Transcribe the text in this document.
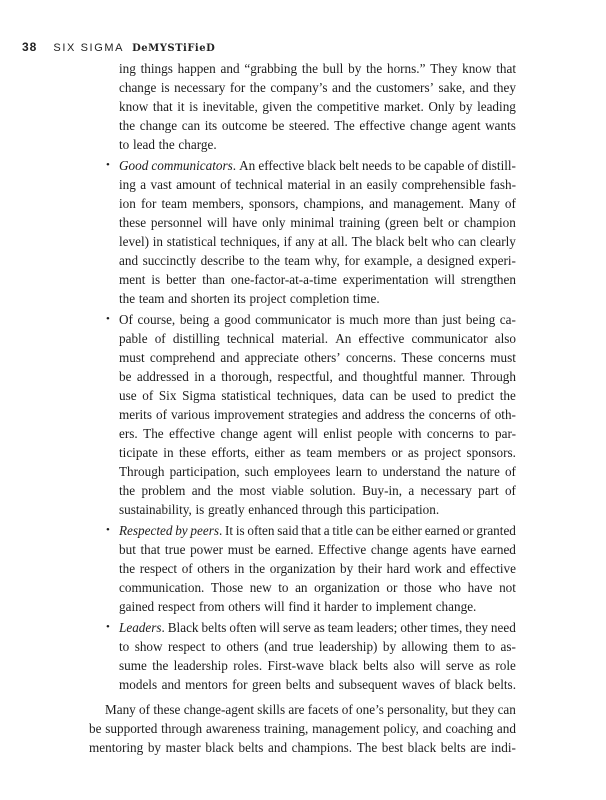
38 SIX SIGMA DeMYSTiFieD
ing things happen and “grabbing the bull by the horns.” They know that
change is necessary for the company’s and the customers’ sake, and they
know that it is inevitable, given the competitive market. Only by leading
the change can its outcome be steered. The effective change agent wants
to lead the charge.
Good communicators. An effective black belt needs to be capable of distill-
•
ing a vast amount of technical material in an easily comprehensible fash-
ion for team members, sponsors, champions, and management. Many of
these personnel will have only minimal training (green belt or champion
level) in statistical techniques, if any at all. The black belt who can clearly
and succinctly describe to the team why, for example, a designed experi-
ment is better than one-factor-at-a-time experimentation will strengthen
the team and shorten its project completion time.
Of course, being a good communicator is much more than just being ca-
•
pable of distilling technical material. An effective communicator also
must comprehend and appreciate others’ concerns. These concerns must
be addressed in a thorough, respectful, and thoughtful manner. Through
use of Six Sigma statistical techniques, data can be used to predict the
merits of various improvement strategies and address the concerns of oth-
ers. The effective change agent will enlist people with concerns to par-
ticipate in these efforts, either as team members or as project sponsors.
Through participation, such employees learn to understand the nature of
the problem and the most viable solution. Buy-in, a necessary part of
sustainability, is greatly enhanced through this participation.
Respected by peers. It is often said that a title can be either earned or granted
•
but that true power must be earned. Effective change agents have earned
the respect of others in the organization by their hard work and effective
communication. Those new to an organization or those who have not
gained respect from others will find it harder to implement change.
Leaders. Black belts often will serve as team leaders; other times, they need
•
to show respect to others (and true leadership) by allowing them to as-
sume the leadership roles. First-wave black belts also will serve as role
models and mentors for green belts and subsequent waves of black belts.
Many of these change-agent skills are facets of one’s personality, but they can
be supported through awareness training, management policy, and coaching and
mentoring by master black belts and champions. The best black belts are indi-
